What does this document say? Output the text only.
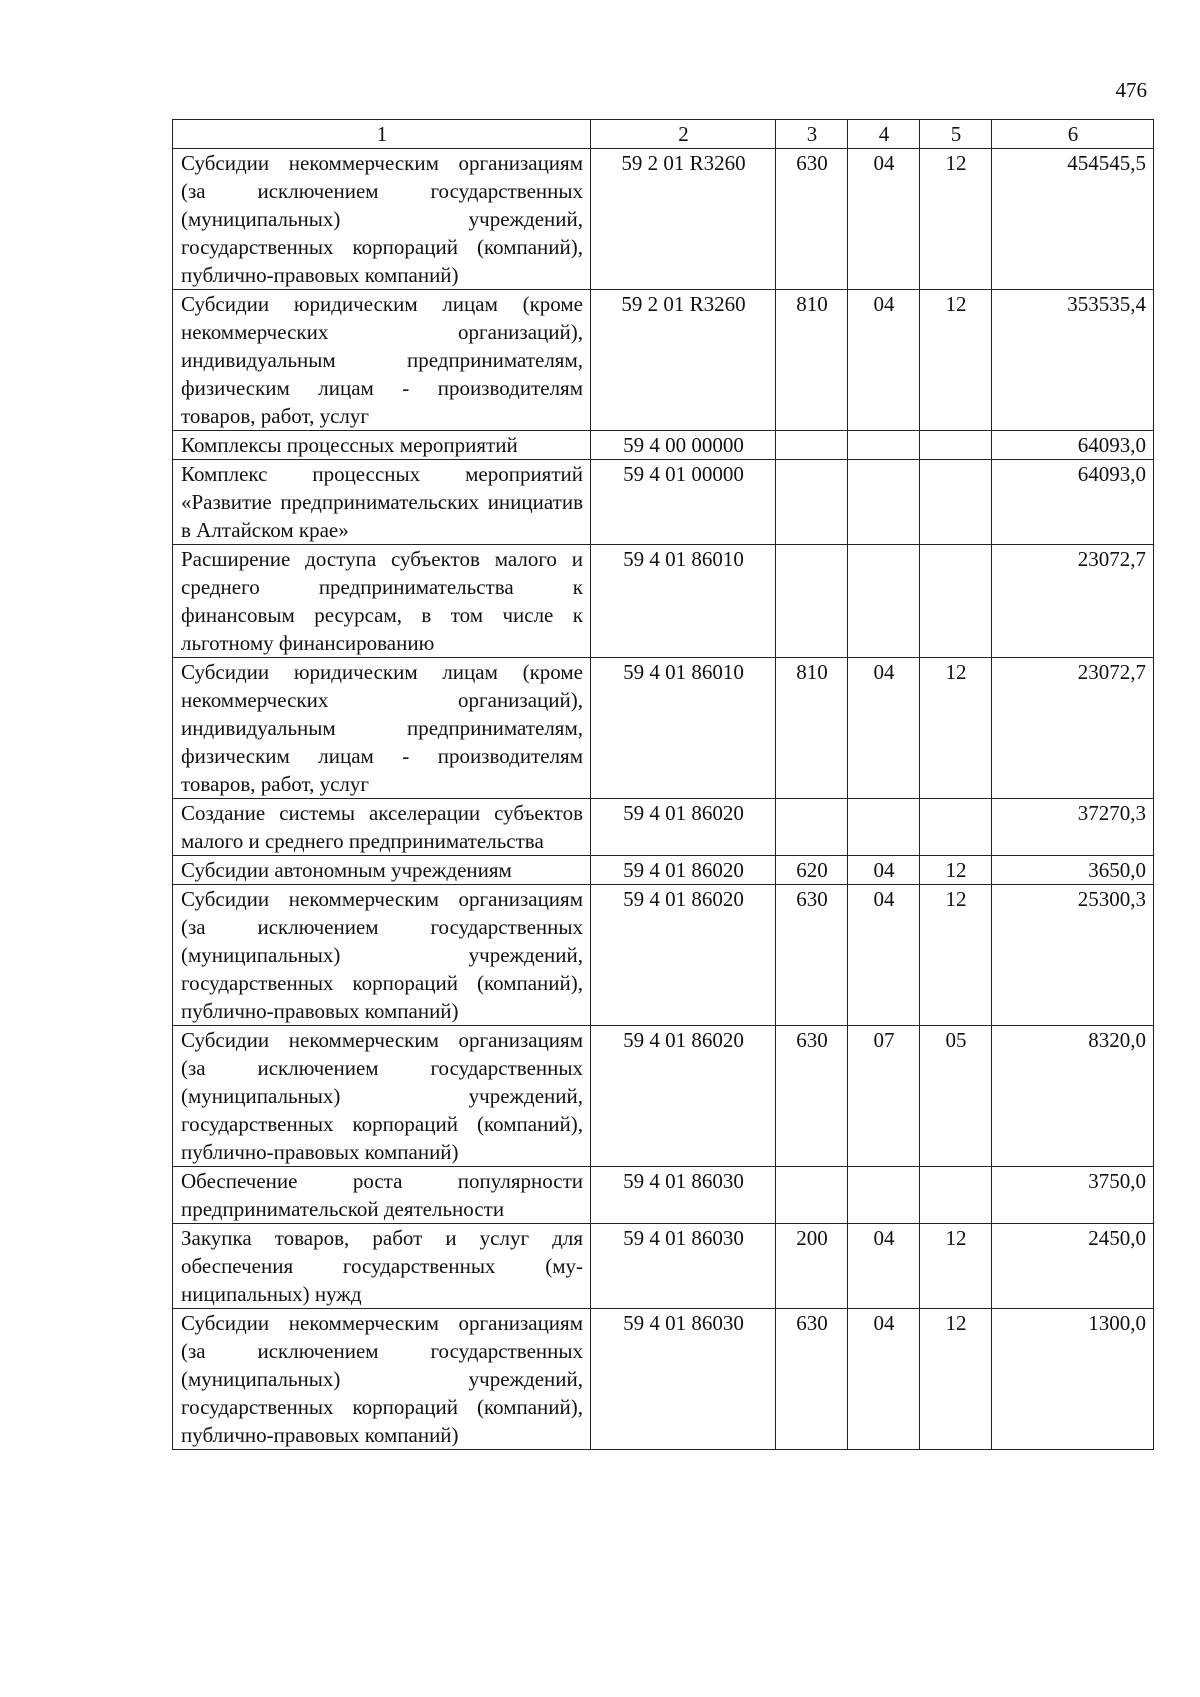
476
1	2	3	4	5	6
Субсидии некоммерческим организациям (за исключением государственных (муниципальных) учреждений, государственных корпораций (компаний), публично-правовых компаний)	59 2 01 R3260	630	04	12	454545,5
Субсидии юридическим лицам (кроме некоммерческих организаций), индивидуальным предпринимателям, физическим лицам - производителям товаров, работ, услуг	59 2 01 R3260	810	04	12	353535,4
Комплексы процессных мероприятий	59 4 00 00000				64093,0
Комплекс процессных мероприятий «Развитие предпринимательских инициатив в Алтайском крае»	59 4 01 00000				64093,0
Расширение доступа субъектов малого и среднего предпринимательства к финансовым ресурсам, в том числе к льготному финансированию	59 4 01 86010				23072,7
Субсидии юридическим лицам (кроме некоммерческих организаций), индивидуальным предпринимателям, физическим лицам - производителям товаров, работ, услуг	59 4 01 86010	810	04	12	23072,7
Создание системы акселерации субъектов малого и среднего предпринимательства	59 4 01 86020				37270,3
Субсидии автономным учреждениям	59 4 01 86020	620	04	12	3650,0
Субсидии некоммерческим организациям (за исключением государственных (муниципальных) учреждений, государственных корпораций (компаний), публично-правовых компаний)	59 4 01 86020	630	04	12	25300,3
Субсидии некоммерческим организациям (за исключением государственных (муниципальных) учреждений, государственных корпораций (компаний), публично-правовых компаний)	59 4 01 86020	630	07	05	8320,0
Обеспечение роста популярности предпринимательской деятельности	59 4 01 86030				3750,0
Закупка товаров, работ и услуг для обеспечения государственных (муниципальных) нужд	59 4 01 86030	200	04	12	2450,0
Субсидии некоммерческим организациям (за исключением государственных (муниципальных) учреждений, государственных корпораций (компаний), публично-правовых компаний)	59 4 01 86030	630	04	12	1300,0
